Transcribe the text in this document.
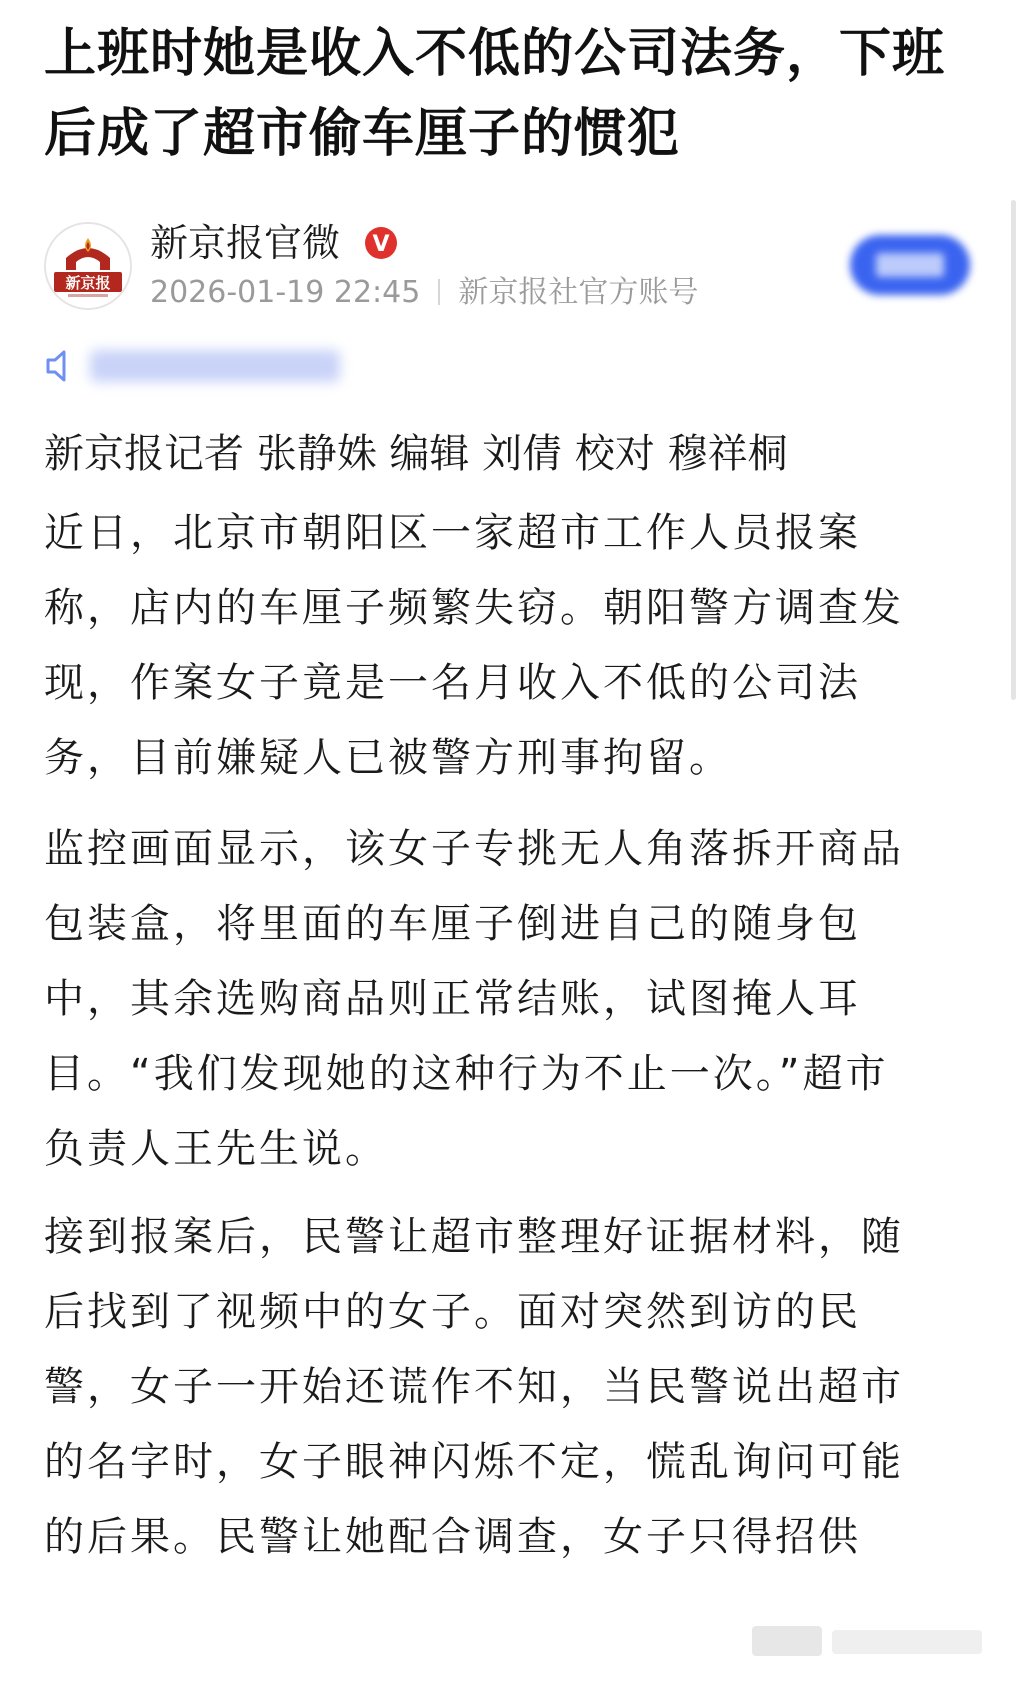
上班时她是收入不低的公司法务，下班
后成了超市偷车厘子的惯犯
新京报
新京报官微 V
2026-01-19 22:45 新京报社官方账号
新京报记者 张静姝 编辑 刘倩 校对 穆祥桐
近日，北京市朝阳区一家超市工作人员报案
称，店内的车厘子频繁失窃。朝阳警方调查发
现，作案女子竟是一名月收入不低的公司法
务，目前嫌疑人已被警方刑事拘留。
监控画面显示，该女子专挑无人角落拆开商品
包装盒，将里面的车厘子倒进自己的随身包
中，其余选购商品则正常结账，试图掩人耳
目。“我们发现她的这种行为不止一次。”超市
负责人王先生说。
接到报案后，民警让超市整理好证据材料，随
后找到了视频中的女子。面对突然到访的民
警，女子一开始还谎作不知，当民警说出超市
的名字时，女子眼神闪烁不定，慌乱询问可能
的后果。民警让她配合调查，女子只得招供
